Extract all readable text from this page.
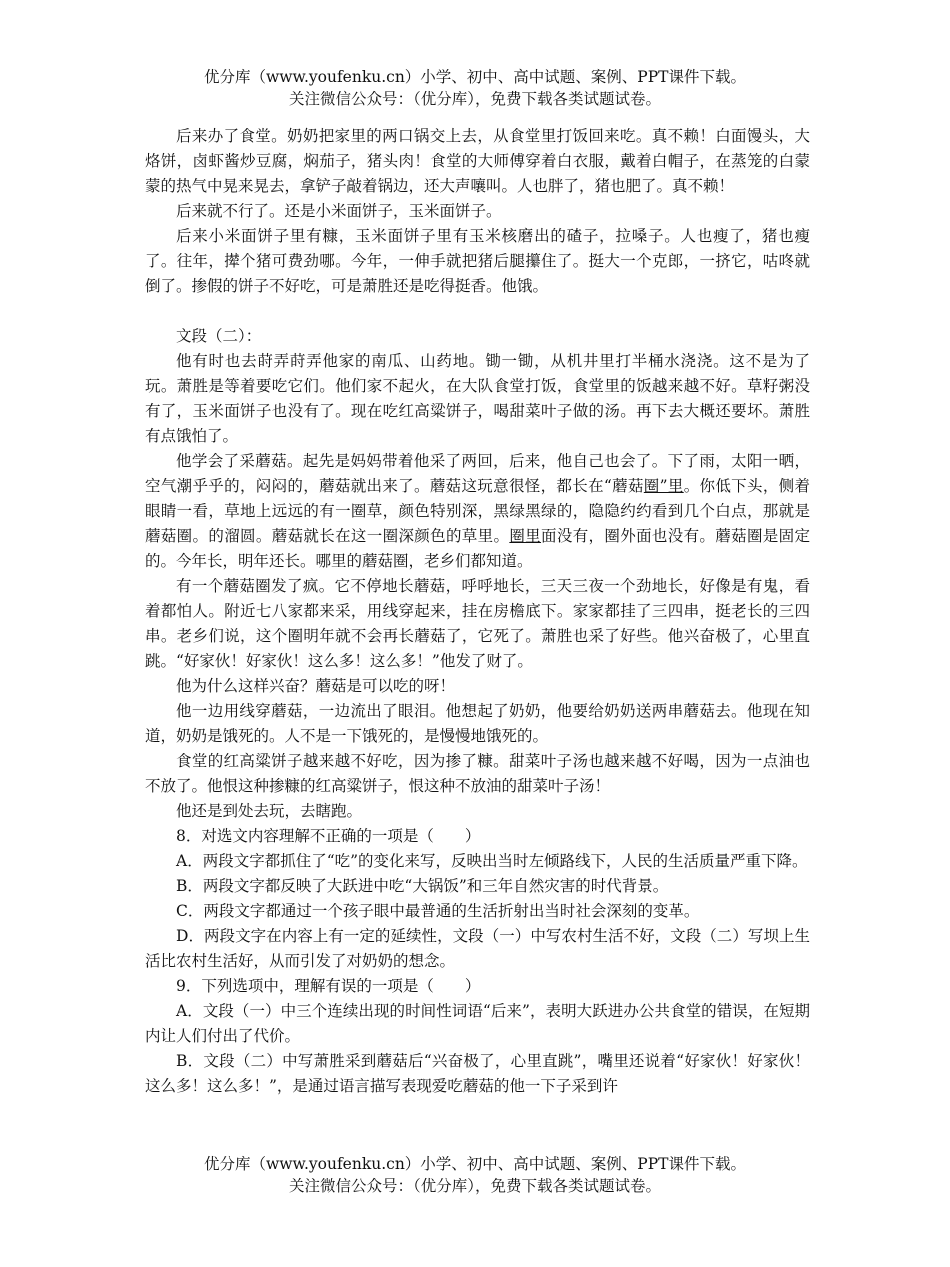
优分库（www.youfenku.cn）小学、初中、高中试题、案例、PPT课件下载。
关注微信公众号：（优分库），免费下载各类试题试卷。

后来办了食堂。奶奶把家里的两口锅交上去，从食堂里打饭回来吃。真不赖！白面馒头，大烙饼，卤虾酱炒豆腐，焖茄子，猪头肉！食堂的大师傅穿着白衣服，戴着白帽子，在蒸笼的白蒙蒙的热气中晃来晃去，拿铲子敲着锅边，还大声嚷叫。人也胖了，猪也肥了。真不赖！

后来就不行了。还是小米面饼子，玉米面饼子。

后来小米面饼子里有糠，玉米面饼子里有玉米核磨出的碴子，拉嗓子。人也瘦了，猪也瘦了。往年，撵个猪可费劲哪。今年，一伸手就把猪后腿攥住了。挺大一个克郎，一挤它，咕咚就倒了。掺假的饼子不好吃，可是萧胜还是吃得挺香。他饿。

文段（二）：

他有时也去莳弄莳弄他家的南瓜、山药地。锄一锄，从机井里打半桶水浇浇。这不是为了玩。萧胜是等着要吃它们。他们家不起火，在大队食堂打饭，食堂里的饭越来越不好。草籽粥没有了，玉米面饼子也没有了。现在吃红高粱饼子，喝甜菜叶子做的汤。再下去大概还要坏。萧胜有点饿怕了。

他学会了采蘑菇。起先是妈妈带着他采了两回，后来，他自己也会了。下了雨，太阳一晒，空气潮乎乎的，闷闷的，蘑菇就出来了。蘑菇这玩意很怪，都长在“蘑菇圈”里。你低下头，侧着眼睛一看，草地上远远的有一圈草，颜色特别深，黑绿黑绿的，隐隐约约看到几个白点，那就是蘑菇圈。的溜圆。蘑菇就长在这一圈深颜色的草里。圈里面没有，圈外面也没有。蘑菇圈是固定的。今年长，明年还长。哪里的蘑菇圈，老乡们都知道。

有一个蘑菇圈发了疯。它不停地长蘑菇，呼呼地长，三天三夜一个劲地长，好像是有鬼，看着都怕人。附近七八家都来采，用线穿起来，挂在房檐底下。家家都挂了三四串，挺老长的三四串。老乡们说，这个圈明年就不会再长蘑菇了，它死了。萧胜也采了好些。他兴奋极了，心里直跳。“好家伙！好家伙！这么多！这么多！”他发了财了。

他为什么这样兴奋？蘑菇是可以吃的呀！

他一边用线穿蘑菇，一边流出了眼泪。他想起了奶奶，他要给奶奶送两串蘑菇去。他现在知道，奶奶是饿死的。人不是一下饿死的，是慢慢地饿死的。

食堂的红高粱饼子越来越不好吃，因为掺了糠。甜菜叶子汤也越来越不好喝，因为一点油也不放了。他恨这种掺糠的红高粱饼子，恨这种不放油的甜菜叶子汤！

他还是到处去玩，去瞎跑。

8．对选文内容理解不正确的一项是（　　）

A．两段文字都抓住了“吃”的变化来写，反映出当时左倾路线下，人民的生活质量严重下降。

B．两段文字都反映了大跃进中吃“大锅饭”和三年自然灾害的时代背景。

C．两段文字都通过一个孩子眼中最普通的生活折射出当时社会深刻的变革。

D．两段文字在内容上有一定的延续性，文段（一）中写农村生活不好，文段（二）写坝上生活比农村生活好，从而引发了对奶奶的想念。

9．下列选项中，理解有误的一项是（　　）

A．文段（一）中三个连续出现的时间性词语“后来”，表明大跃进办公共食堂的错误，在短期内让人们付出了代价。

B．文段（二）中写萧胜采到蘑菇后“兴奋极了，心里直跳”，嘴里还说着“好家伙！好家伙！这么多！这么多！”，是通过语言描写表现爱吃蘑菇的他一下子采到许

优分库（www.youfenku.cn）小学、初中、高中试题、案例、PPT课件下载。
关注微信公众号：（优分库），免费下载各类试题试卷。
